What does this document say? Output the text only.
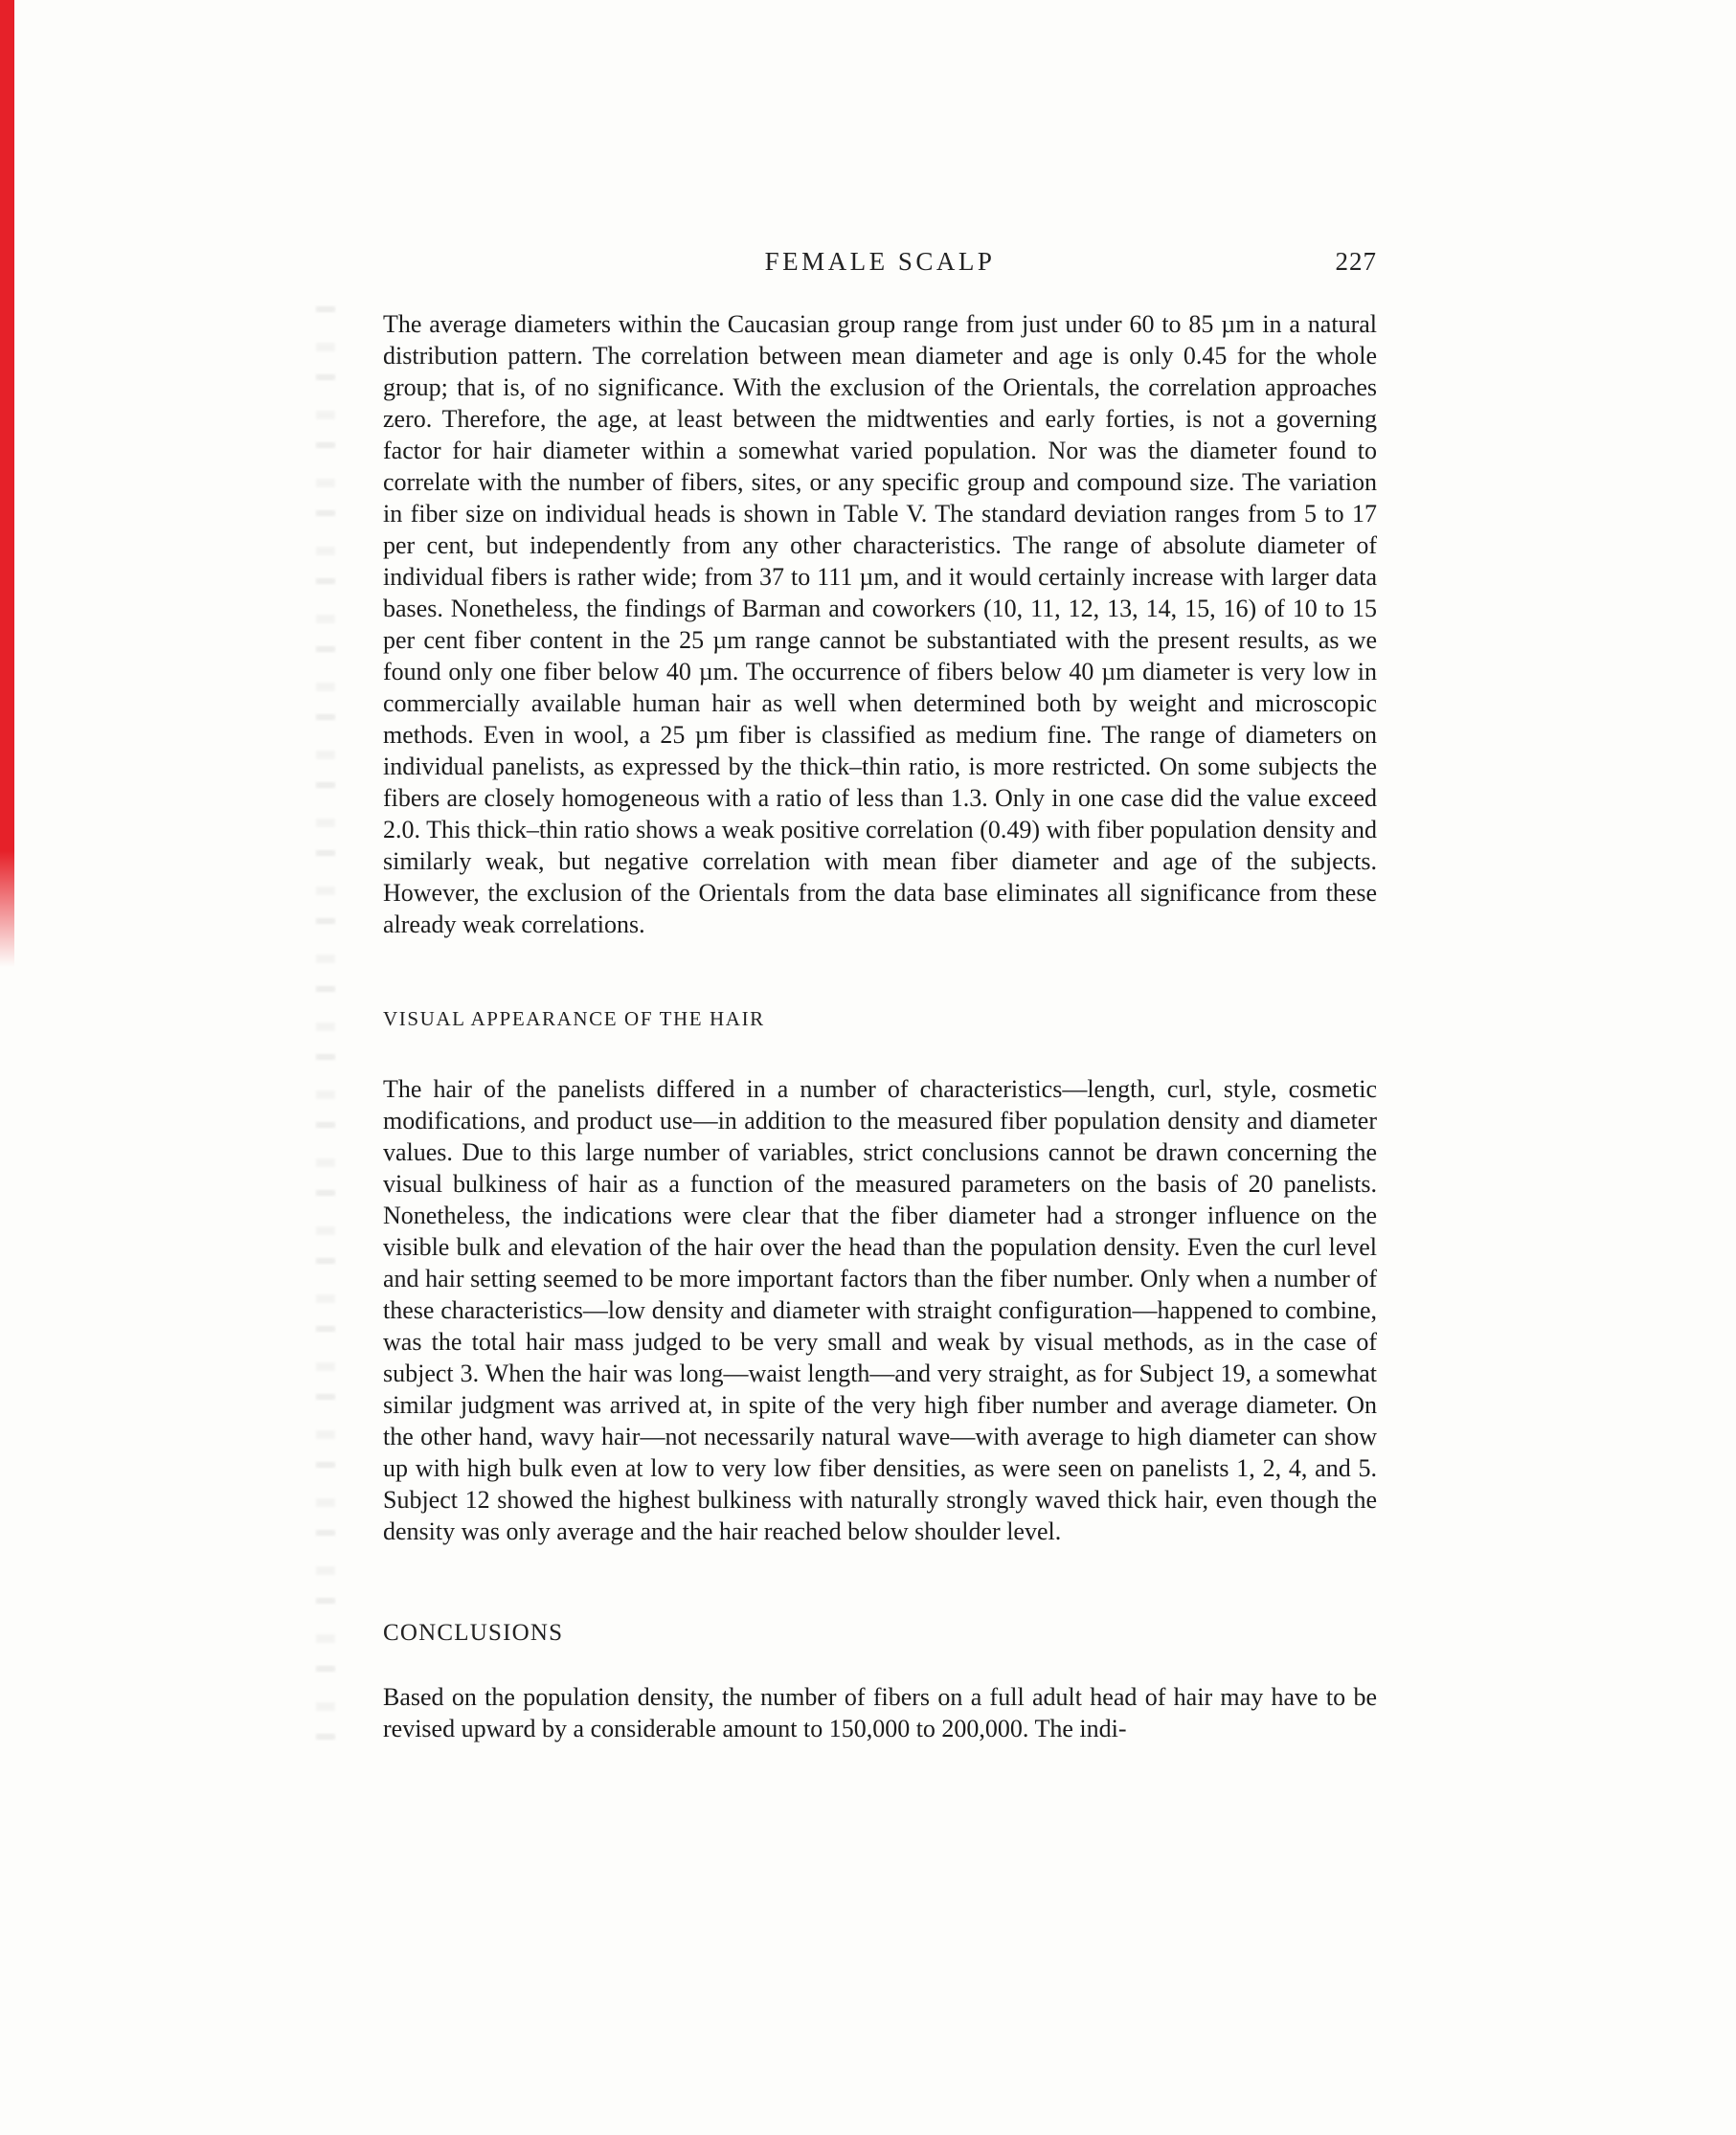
FEMALE SCALP	227

The average diameters within the Caucasian group range from just under 60 to 85 µm in a natural distribution pattern. The correlation between mean diameter and age is only 0.45 for the whole group; that is, of no significance. With the exclusion of the Orientals, the correlation approaches zero. Therefore, the age, at least between the midtwenties and early forties, is not a governing factor for hair diameter within a somewhat varied population. Nor was the diameter found to correlate with the number of fibers, sites, or any specific group and compound size. The variation in fiber size on individual heads is shown in Table V. The standard deviation ranges from 5 to 17 per cent, but independently from any other characteristics. The range of absolute diameter of individual fibers is rather wide; from 37 to 111 µm, and it would certainly increase with larger data bases. Nonetheless, the findings of Barman and coworkers (10, 11, 12, 13, 14, 15, 16) of 10 to 15 per cent fiber content in the 25 µm range cannot be substantiated with the present results, as we found only one fiber below 40 µm. The occurrence of fibers below 40 µm diameter is very low in commercially available human hair as well when determined both by weight and microscopic methods. Even in wool, a 25 µm fiber is classified as medium fine. The range of diameters on individual panelists, as expressed by the thick–thin ratio, is more restricted. On some subjects the fibers are closely homogeneous with a ratio of less than 1.3. Only in one case did the value exceed 2.0. This thick–thin ratio shows a weak positive correlation (0.49) with fiber population density and similarly weak, but negative correlation with mean fiber diameter and age of the subjects. However, the exclusion of the Orientals from the data base eliminates all significance from these already weak correlations.

VISUAL APPEARANCE OF THE HAIR

The hair of the panelists differed in a number of characteristics—length, curl, style, cosmetic modifications, and product use—in addition to the measured fiber population density and diameter values. Due to this large number of variables, strict conclusions cannot be drawn concerning the visual bulkiness of hair as a function of the measured parameters on the basis of 20 panelists. Nonetheless, the indications were clear that the fiber diameter had a stronger influence on the visible bulk and elevation of the hair over the head than the population density. Even the curl level and hair setting seemed to be more important factors than the fiber number. Only when a number of these characteristics—low density and diameter with straight configuration—happened to combine, was the total hair mass judged to be very small and weak by visual methods, as in the case of subject 3. When the hair was long—waist length—and very straight, as for Subject 19, a somewhat similar judgment was arrived at, in spite of the very high fiber number and average diameter. On the other hand, wavy hair—not necessarily natural wave—with average to high diameter can show up with high bulk even at low to very low fiber densities, as were seen on panelists 1, 2, 4, and 5. Subject 12 showed the highest bulkiness with naturally strongly waved thick hair, even though the density was only average and the hair reached below shoulder level.

CONCLUSIONS

Based on the population density, the number of fibers on a full adult head of hair may have to be revised upward by a considerable amount to 150,000 to 200,000. The indi-
